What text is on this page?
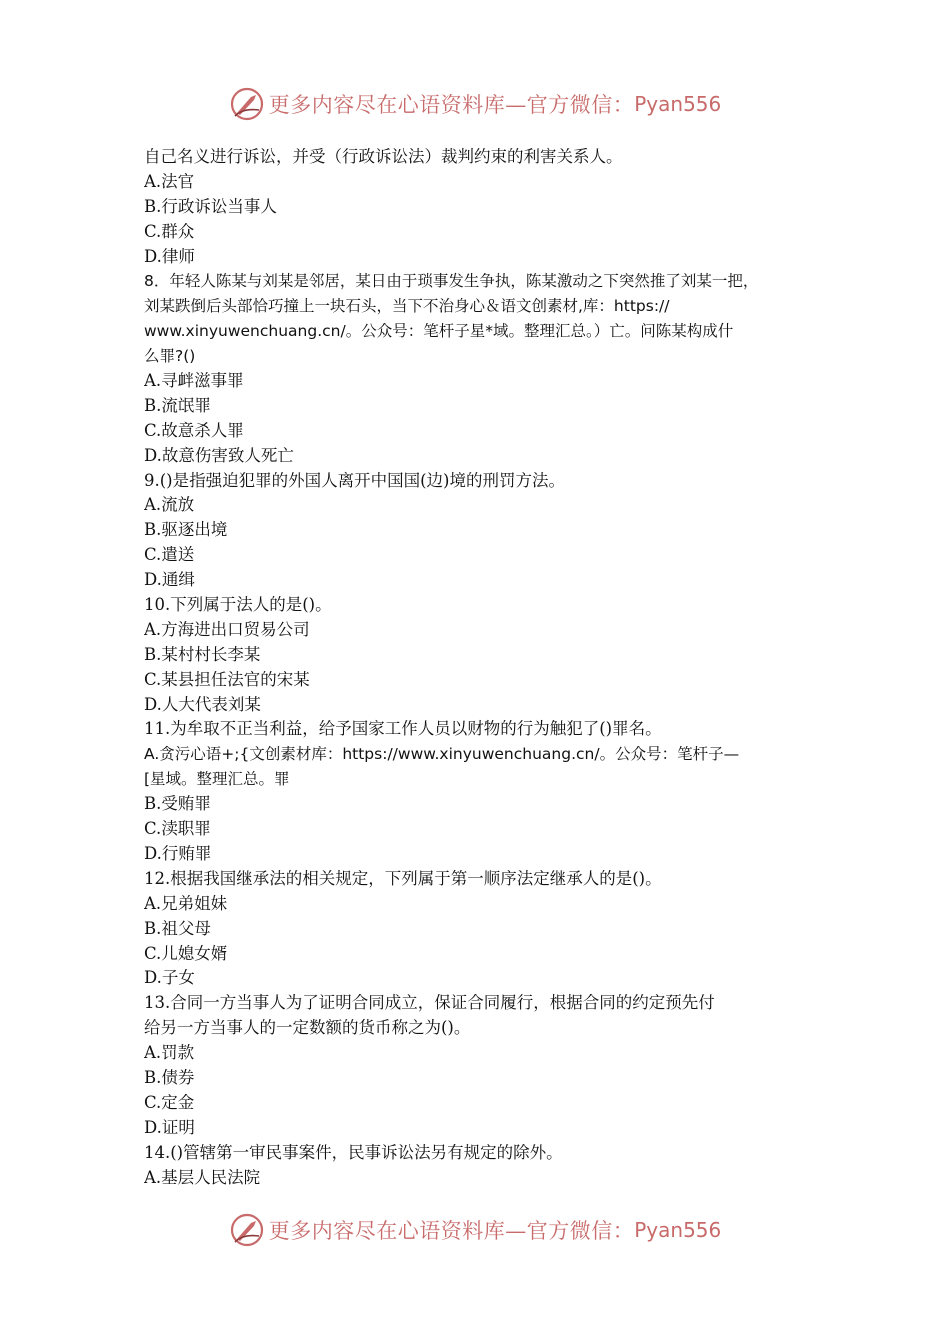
更多内容尽在心语资料库—官方微信： Pyan556
自己名义进行诉讼，并受（行政诉讼法）裁判约束的利害关系人。
A.法官
B.行政诉讼当事人
C.群众
D.律师
8．年轻人陈某与刘某是邻居，某日由于琐事发生争执，陈某激动之下突然推了刘某一把，
刘某跌倒后头部恰巧撞上一块石头，当下不治身心＆语文创素材,库：https://
www.xinyuwenchuang.cn/。公众号：笔杆子星*域。整理汇总。）亡。问陈某构成什
么罪?()
A.寻衅滋事罪
B.流氓罪
C.故意杀人罪
D.故意伤害致人死亡
9.()是指强迫犯罪的外国人离开中国国(边)境的刑罚方法。
A.流放
B.驱逐出境
C.遣送
D.通缉
10.下列属于法人的是()。
A.方海进出口贸易公司
B.某村村长李某
C.某县担任法官的宋某
D.人大代表刘某
11.为牟取不正当利益，给予国家工作人员以财物的行为触犯了()罪名。
A.贪污心语+;{文创素材库：https://www.xinyuwenchuang.cn/。公众号：笔杆子—
[星域。整理汇总。罪
B.受贿罪
C.渎职罪
D.行贿罪
12.根据我国继承法的相关规定，下列属于第一顺序法定继承人的是()。
A.兄弟姐妹
B.祖父母
C.儿媳女婿
D.子女
13.合同一方当事人为了证明合同成立，保证合同履行，根据合同的约定预先付
给另一方当事人的一定数额的货币称之为()。
A.罚款
B.债券
C.定金
D.证明
14.()管辖第一审民事案件，民事诉讼法另有规定的除外。
A.基层人民法院
更多内容尽在心语资料库—官方微信： Pyan556
